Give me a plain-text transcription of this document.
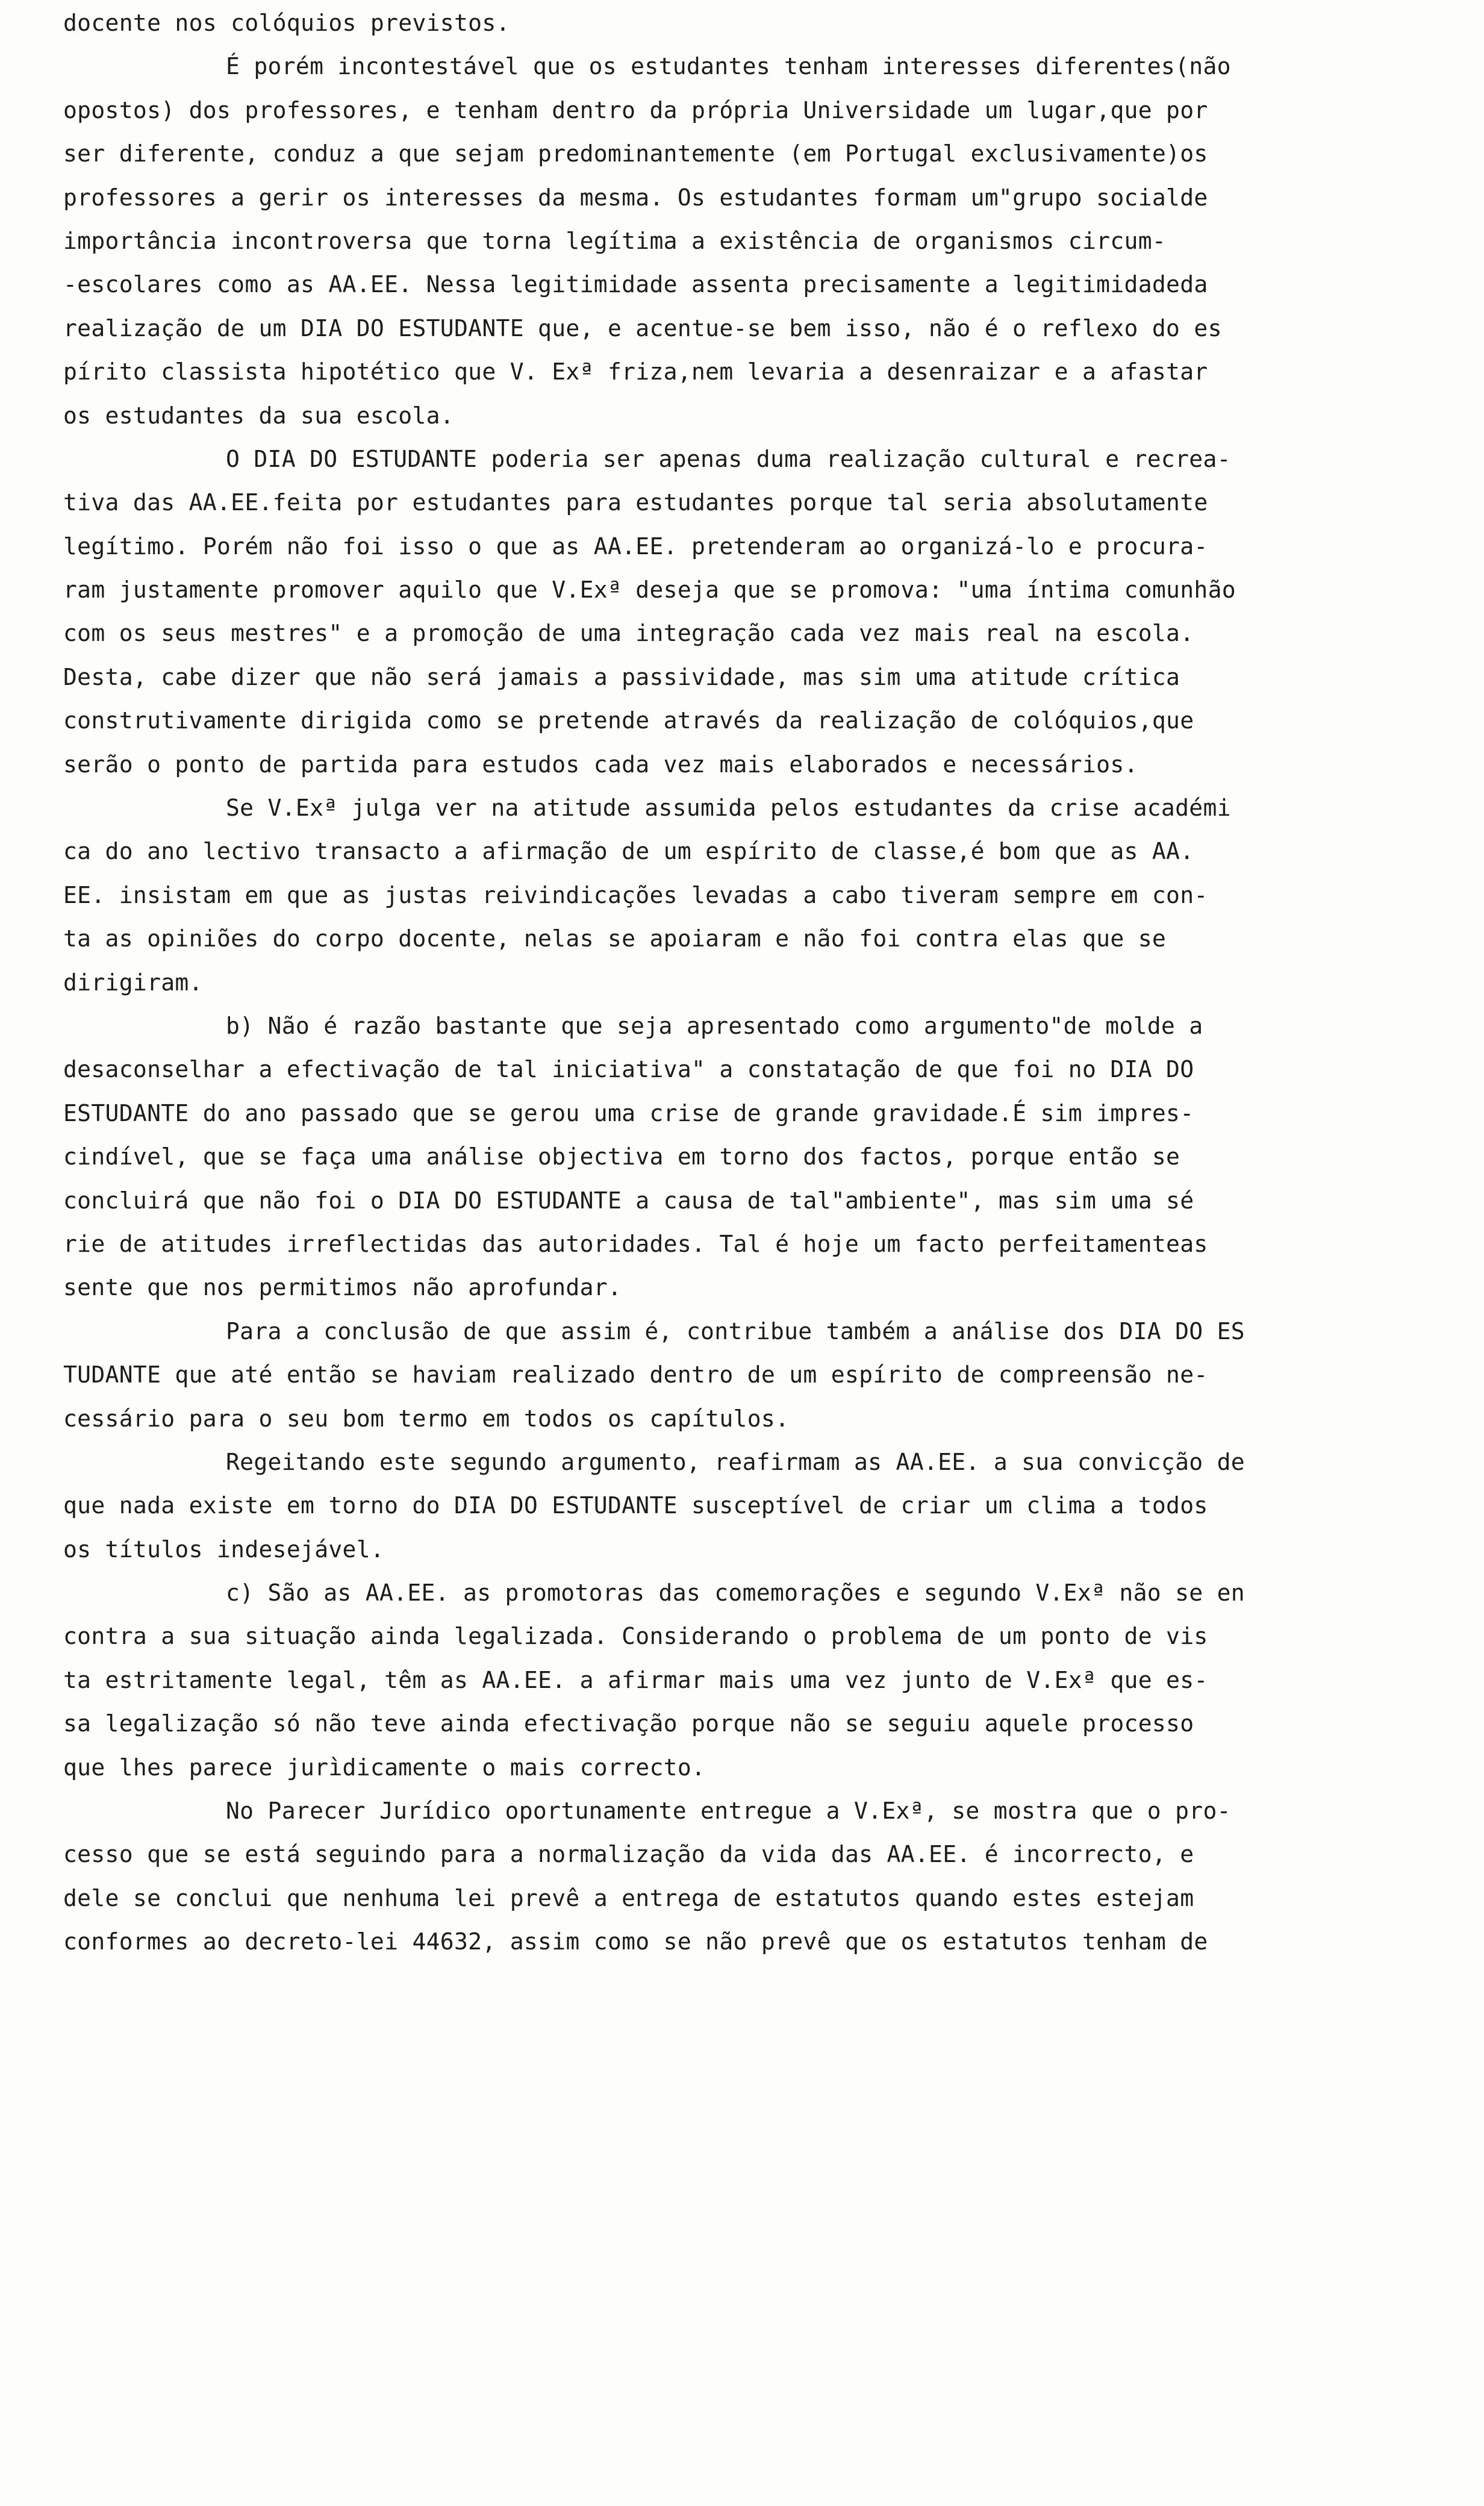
docente nos colóquios previstos.

É porém incontestável que os estudantes tenham interesses diferentes(não
opostos) dos professores, e tenham dentro da própria Universidade um lugar,que por
ser diferente, conduz a que sejam predominantemente (em Portugal exclusivamente)os
professores a gerir os interesses da mesma. Os estudantes formam um"grupo socialde
importância incontroversa que torna legítima a existência de organismos circum-
-escolares como as AA.EE. Nessa legitimidade assenta precisamente a legitimidadeda
realização de um DIA DO ESTUDANTE que, e acentue-se bem isso, não é o reflexo do es
pírito classista hipotético que V. Exª friza,nem levaria a desenraizar e a afastar
os estudantes da sua escola.

O DIA DO ESTUDANTE poderia ser apenas duma realização cultural e recrea-
tiva das AA.EE.feita por estudantes para estudantes porque tal seria absolutamente
legítimo. Porém não foi isso o que as AA.EE. pretenderam ao organizá-lo e procura-
ram justamente promover aquilo que V.Exª deseja que se promova: "uma íntima comunhão
com os seus mestres" e a promoção de uma integração cada vez mais real na escola.
Desta, cabe dizer que não será jamais a passividade, mas sim uma atitude crítica
construtivamente dirigida como se pretende através da realização de colóquios,que
serão o ponto de partida para estudos cada vez mais elaborados e necessários.

Se V.Exª julga ver na atitude assumida pelos estudantes da crise académi
ca do ano lectivo transacto a afirmação de um espírito de classe,é bom que as AA.
EE. insistam em que as justas reivindicações levadas a cabo tiveram sempre em con-
ta as opiniões do corpo docente, nelas se apoiaram e não foi contra elas que se
dirigiram.

b) Não é razão bastante que seja apresentado como argumento"de molde a
desaconselhar a efectivação de tal iniciativa" a constatação de que foi no DIA DO
ESTUDANTE do ano passado que se gerou uma crise de grande gravidade.É sim impres-
cindível, que se faça uma análise objectiva em torno dos factos, porque então se
concluirá que não foi o DIA DO ESTUDANTE a causa de tal"ambiente", mas sim uma sé
rie de atitudes irreflectidas das autoridades. Tal é hoje um facto perfeitamenteas
sente que nos permitimos não aprofundar.

Para a conclusão de que assim é, contribue também a análise dos DIA DO ES
TUDANTE que até então se haviam realizado dentro de um espírito de compreensão ne-
cessário para o seu bom termo em todos os capítulos.

Regeitando este segundo argumento, reafirmam as AA.EE. a sua convicção de
que nada existe em torno do DIA DO ESTUDANTE susceptível de criar um clima a todos
os títulos indesejável.

c) São as AA.EE. as promotoras das comemorações e segundo V.Exª não se en
contra a sua situação ainda legalizada. Considerando o problema de um ponto de vis
ta estritamente legal, têm as AA.EE. a afirmar mais uma vez junto de V.Exª que es-
sa legalização só não teve ainda efectivação porque não se seguiu aquele processo
que lhes parece jurìdicamente o mais correcto.

No Parecer Jurídico oportunamente entregue a V.Exª, se mostra que o pro-
cesso que se está seguindo para a normalização da vida das AA.EE. é incorrecto, e
dele se conclui que nenhuma lei prevê a entrega de estatutos quando estes estejam
conformes ao decreto-lei 44632, assim como se não prevê que os estatutos tenham de
